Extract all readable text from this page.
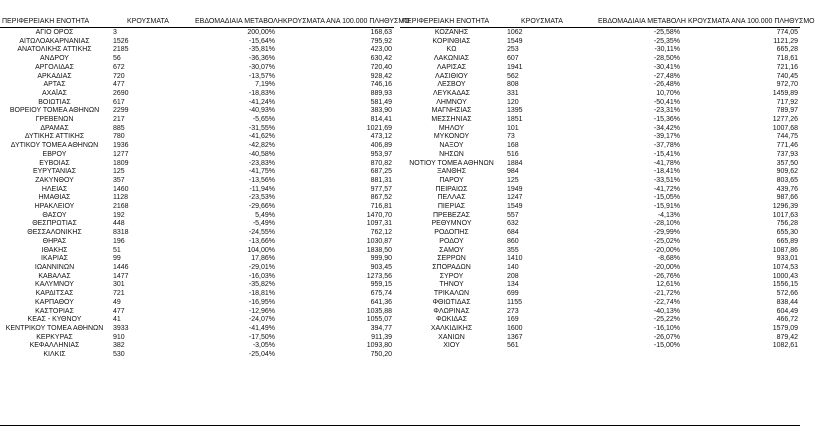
ΠΕΡΙΦΕΡΕΙΑΚΗ ΕΝΟΤΗΤΑ	ΚΡΟΥΣΜΑΤΑ	ΕΒΔΟΜΑΔΙΑΙΑ ΜΕΤΑΒΟΛΗ	ΚΡΟΥΣΜΑΤΑ ΑΝΑ 100.000 ΠΛΗΘΥΣΜΟ
ΑΓΙΟ ΟΡΟΣ	3	200,00%	168,63
ΑΙΤΩΛΟΑΚΑΡΝΑΝΙΑΣ	1526	-15,64%	795,92
ΑΝΑΤΟΛΙΚΗΣ ΑΤΤΙΚΗΣ	2185	-35,81%	423,00
ΑΝΔΡΟΥ	56	-36,36%	630,42
ΑΡΓΟΛΙΔΑΣ	672	-30,07%	720,40
ΑΡΚΑΔΙΑΣ	720	-13,57%	928,42
ΑΡΤΑΣ	477	7,19%	746,16
ΑΧΑΪΑΣ	2690	-18,83%	889,93
ΒΟΙΩΤΙΑΣ	617	-41,24%	581,49
ΒΟΡΕΙΟΥ ΤΟΜΕΑ ΑΘΗΝΩΝ	2299	-40,93%	383,90
ΓΡΕΒΕΝΩΝ	217	-5,65%	814,41
ΔΡΑΜΑΣ	885	-31,55%	1021,69
ΔΥΤΙΚΗΣ ΑΤΤΙΚΗΣ	780	-41,62%	473,12
ΔΥΤΙΚΟΥ ΤΟΜΕΑ ΑΘΗΝΩΝ	1936	-42,82%	406,89
ΕΒΡΟΥ	1277	-40,58%	953,97
ΕΥΒΟΙΑΣ	1809	-23,83%	870,82
ΕΥΡΥΤΑΝΙΑΣ	125	-41,75%	687,25
ΖΑΚΥΝΘΟΥ	357	-13,56%	881,31
ΗΛΕΙΑΣ	1460	-11,94%	977,57
ΗΜΑΘΙΑΣ	1128	-23,53%	867,52
ΗΡΑΚΛΕΙΟΥ	2168	-29,66%	716,81
ΘΑΣΟΥ	192	5,49%	1470,70
ΘΕΣΠΡΩΤΙΑΣ	448	-5,49%	1097,31
ΘΕΣΣΑΛΟΝΙΚΗΣ	8318	-24,55%	762,12
ΘΗΡΑΣ	196	-13,66%	1030,87
ΙΘΑΚΗΣ	51	104,00%	1838,50
ΙΚΑΡΙΑΣ	99	17,86%	999,90
ΙΩΑΝΝΙΝΩΝ	1446	-29,01%	903,45
ΚΑΒΑΛΑΣ	1477	-16,03%	1273,56
ΚΑΛΥΜΝΟΥ	301	-35,82%	959,15
ΚΑΡΔΙΤΣΑΣ	721	-18,81%	675,74
ΚΑΡΠΑΘΟΥ	49	-16,95%	641,36
ΚΑΣΤΟΡΙΑΣ	477	-12,96%	1035,88
ΚΕΑΣ - ΚΥΘΝΟΥ	41	-24,07%	1055,07
ΚΕΝΤΡΙΚΟΥ ΤΟΜΕΑ ΑΘΗΝΩΝ	3933	-41,49%	394,77
ΚΕΡΚΥΡΑΣ	910	-17,50%	911,39
ΚΕΦΑΛΛΗΝΙΑΣ	382	-3,05%	1093,80
ΚΙΛΚΙΣ	530	-25,04%	750,20
ΠΕΡΙΦΕΡΕΙΑΚΗ ΕΝΟΤΗΤΑ	ΚΡΟΥΣΜΑΤΑ	ΕΒΔΟΜΑΔΙΑΙΑ ΜΕΤΑΒΟΛΗ	ΚΡΟΥΣΜΑΤΑ ΑΝΑ 100.000 ΠΛΗΘΥΣΜΟ
ΚΟΖΑΝΗΣ	1062	-25,58%	774,05
ΚΟΡΙΝΘΙΑΣ	1549	-25,35%	1121,29
ΚΩ	253	-30,11%	665,28
ΛΑΚΩΝΙΑΣ	607	-28,50%	718,61
ΛΑΡΙΣΑΣ	1941	-30,41%	721,16
ΛΑΣΙΘΙΟΥ	562	-27,48%	740,45
ΛΕΣΒΟΥ	808	-26,48%	972,70
ΛΕΥΚΑΔΑΣ	331	10,70%	1459,89
ΛΗΜΝΟΥ	120	-50,41%	717,92
ΜΑΓΝΗΣΙΑΣ	1395	-23,31%	789,97
ΜΕΣΣΗΝΙΑΣ	1851	-15,36%	1277,26
ΜΗΛΟΥ	101	-34,42%	1007,68
ΜΥΚΟΝΟΥ	73	-39,17%	744,75
ΝΑΞΟΥ	168	-37,78%	771,46
ΝΗΣΩΝ	516	-15,41%	737,93
ΝΟΤΙΟΥ ΤΟΜΕΑ ΑΘΗΝΩΝ	1884	-41,78%	357,50
ΞΑΝΘΗΣ	984	-18,41%	909,62
ΠΑΡΟΥ	125	-33,51%	803,65
ΠΕΙΡΑΙΩΣ	1949	-41,72%	439,76
ΠΕΛΛΑΣ	1247	-15,05%	987,66
ΠΙΕΡΙΑΣ	1549	-15,91%	1296,39
ΠΡΕΒΕΖΑΣ	557	-4,13%	1017,63
ΡΕΘΥΜΝΟΥ	632	-28,10%	756,28
ΡΟΔΟΠΗΣ	684	-29,99%	655,30
ΡΟΔΟΥ	860	-25,02%	665,89
ΣΑΜΟΥ	355	-20,00%	1087,86
ΣΕΡΡΩΝ	1410	-8,68%	933,01
ΣΠΟΡΑΔΩΝ	140	-20,00%	1074,53
ΣΥΡΟΥ	208	-26,76%	1000,43
ΤΗΝΟΥ	134	12,61%	1556,15
ΤΡΙΚΑΛΩΝ	699	-21,72%	572,66
ΦΘΙΩΤΙΔΑΣ	1155	-22,74%	838,44
ΦΛΩΡΙΝΑΣ	273	-40,13%	604,49
ΦΩΚΙΔΑΣ	169	-25,22%	466,72
ΧΑΛΚΙΔΙΚΗΣ	1600	-16,10%	1579,09
ΧΑΝΙΩΝ	1367	-26,07%	879,42
ΧΙΟΥ	561	-15,00%	1082,61
